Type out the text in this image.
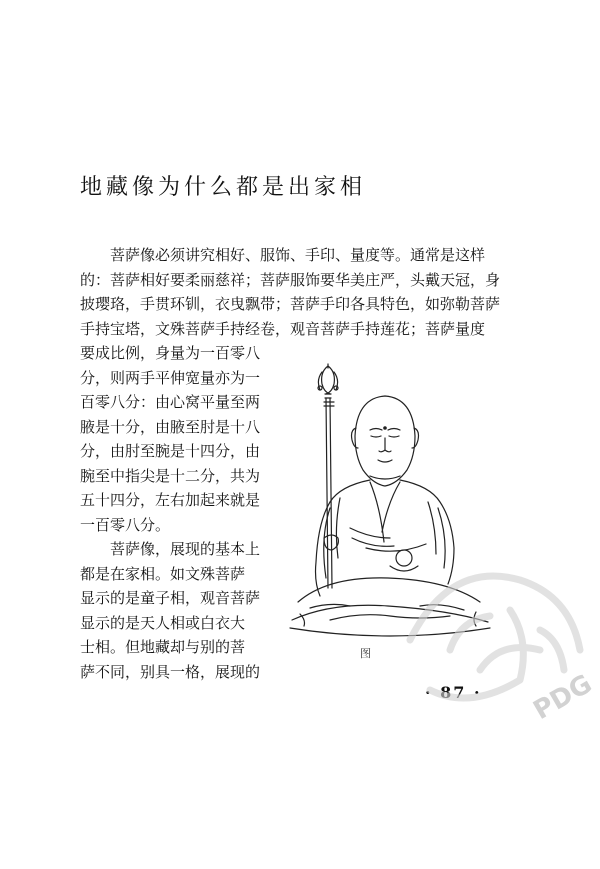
地藏像为什么都是出家相
菩萨像必须讲究相好、服饰、手印、量度等。通常是这样
的：菩萨相好要柔丽慈祥；菩萨服饰要华美庄严，头戴天冠，身
披璎珞，手贯环钏，衣曳飘带；菩萨手印各具特色，如弥勒菩萨
手持宝塔，文殊菩萨手持经卷，观音菩萨手持莲花；菩萨量度
要成比例，身量为一百零八
分，则两手平伸宽量亦为一
百零八分：由心窝平量至两
腋是十分，由腋至肘是十八
分，由肘至腕是十四分，由
腕至中指尖是十二分，共为
五十四分，左右加起来就是
一百零八分。
菩萨像，展现的基本上
都是在家相。如文殊菩萨
显示的是童子相，观音菩萨
显示的是天人相或白衣大
士相。但地藏却与别的菩
萨不同，别具一格，展现的
图
· 87 · PDG
